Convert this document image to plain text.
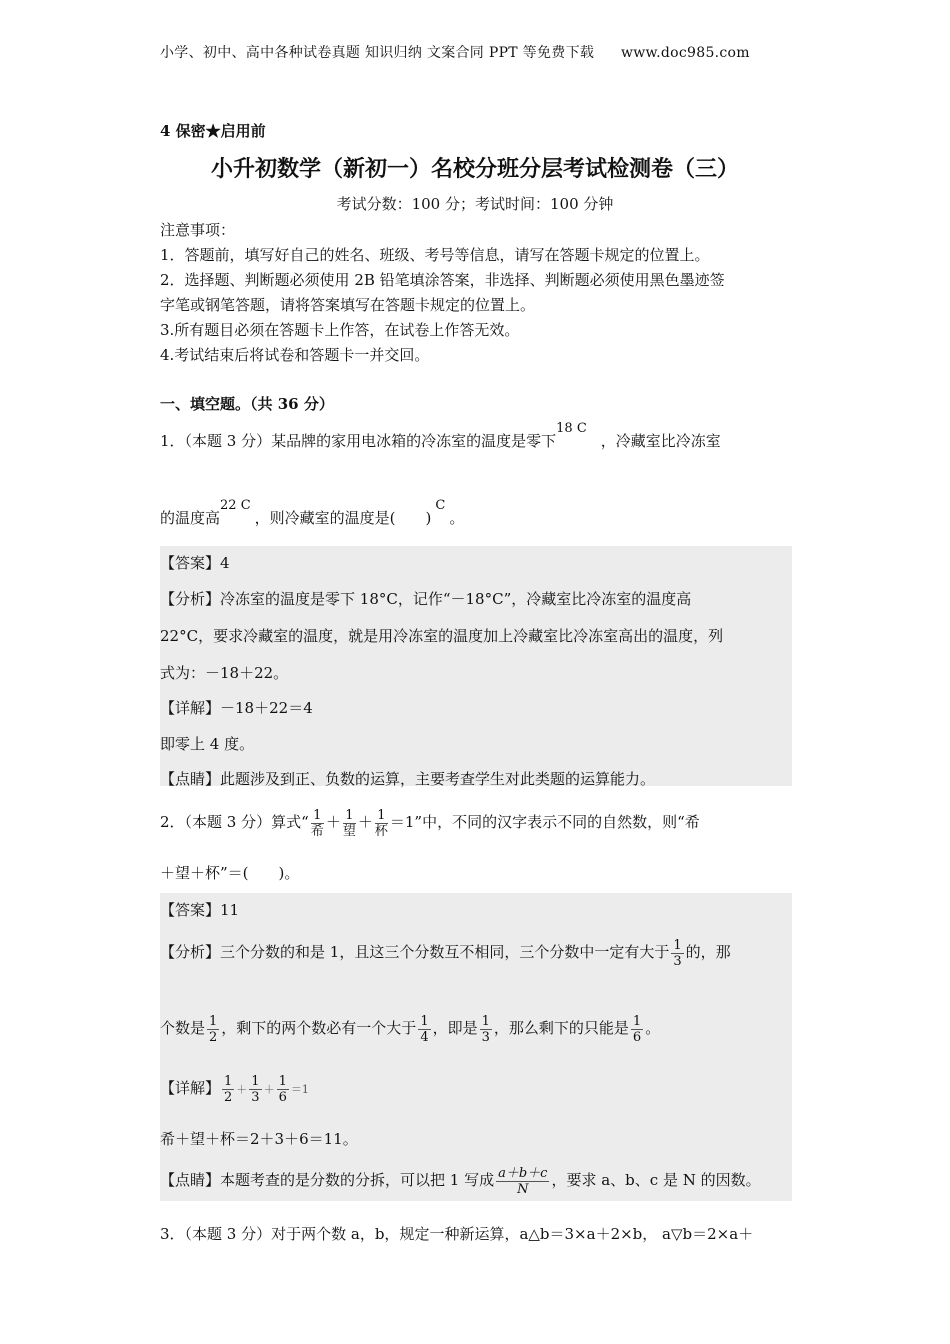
小学、初中、高中各种试卷真题 知识归纳 文案合同 PPT 等免费下载 www.doc985.com
4 保密★启用前
小升初数学（新初一）名校分班分层考试检测卷（三）
考试分数：100 分；考试时间：100 分钟
注意事项：
1．答题前，填写好自己的姓名、班级、考号等信息，请写在答题卡规定的位置上。
2．选择题、判断题必须使用 2B 铅笔填涂答案，非选择、判断题必须使用黑色墨迹签
字笔或钢笔答题，请将答案填写在答题卡规定的位置上。
3.所有题目必须在答题卡上作答，在试卷上作答无效。
4.考试结束后将试卷和答题卡一并交回。
一、填空题。（共 36 分）
1．（本题 3 分）某品牌的家用电冰箱的冷冻室的温度是零下18 C，冷藏室比冷冻室
的温度高22 C，则冷藏室的温度是(　　)C。
【答案】4
【分析】冷冻室的温度是零下 18°C，记作“－18°C”，冷藏室比冷冻室的温度高
22°C，要求冷藏室的温度，就是用冷冻室的温度加上冷藏室比冷冻室高出的温度，列
式为：－18＋22。
【详解】－18＋22＝4
即零上 4 度。
【点睛】此题涉及到正、负数的运算，主要考查学生对此类题的运算能力。
2．（本题 3 分）算式“ $\frac{1}{\text{希}} + \frac{1}{\text{望}} + \frac{1}{\text{杯}} =1$”中，不同的汉字表示不同的自然数，则“希
＋望＋杯”＝(　　)。
【答案】11
【分析】三个分数的和是 1，且这三个分数互不相同，三个分数中一定有大于 $\frac{1}{3}$ 的，那
个数是 $\frac{1}{2}$ ，剩下的两个数必有一个大于 $\frac{1}{4}$ ，即是 $\frac{1}{3}$ ，那么剩下的只能是 $\frac{1}{6}$ 。
【详解】 $\frac{1}{2} + \frac{1}{3} + \frac{1}{6} =1$
希＋望＋杯＝2＋3＋6＝11。
【点睛】本题考查的是分数的分拆，可以把 1 写成 $\frac{a+b+c}{N}$ ，要求 a、b、c 是 N 的因数。
3．（本题 3 分）对于两个数 a，b，规定一种新运算，a△b＝3×a＋2×b， a▽b＝2×a＋
